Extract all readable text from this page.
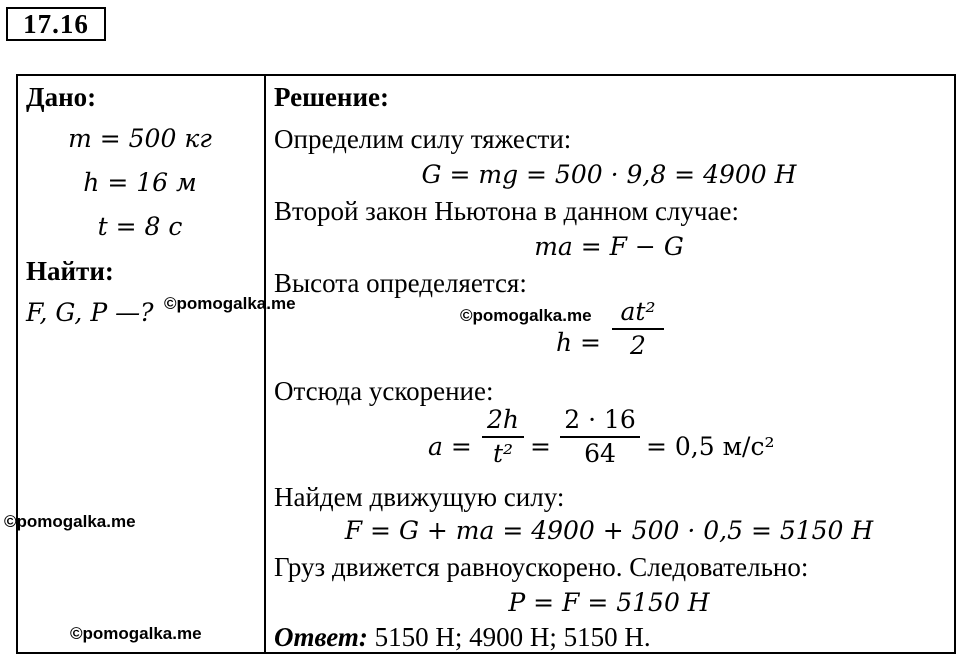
17.16
Дано:
m = 500 кг
h = 16 м
t = 8 с
Найти:
F, G, P —?
Решение:
Определим силу тяжести:
G = mg = 500 · 9,8 = 4900 Н
Второй закон Ньютона в данном случае:
ma = F − G
Высота определяется:
h =
at²
2
Отсюда ускорение:
a =
2h
t² =
2 · 16
64	= 0,5 м/с²
Найдем движущую силу:
F = G + ma = 4900 + 500 · 0,5 = 5150 Н
Груз движется равноускорено. Следовательно:
P = F = 5150 Н
Ответ: 5150 Н; 4900 Н; 5150 Н.
©pomogalka.me
©pomogalka.me
©pomogalka.me
©pomogalka.me
